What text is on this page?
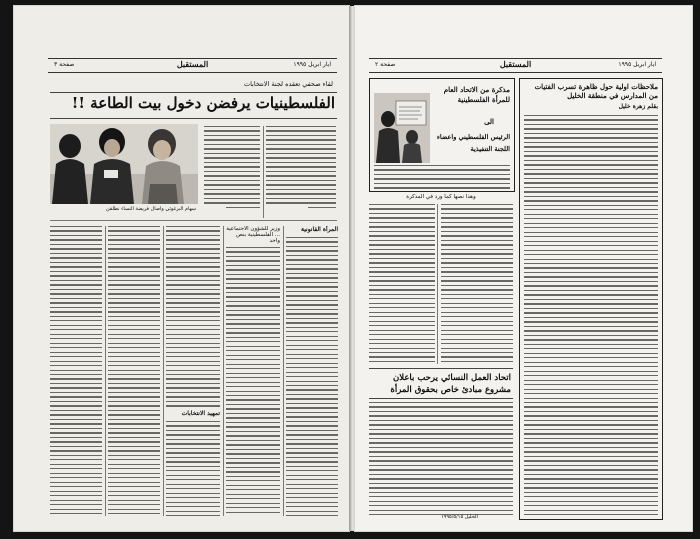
صفحة ٣	المستقبل	ايار ابريل ١٩٩٥
لقاء صحفي تعقده لجنة الانتخابات
الفلسطينيات يرفضن دخول بيت الطاعة !!
سهام البرغوثي واصال فريضة النساء نطلقن
تمهيد الانتخابات
وزير للشؤون الاجتماعية ... الفلسطينية بنص واحد
المرأة القانونية
صفحة ٢	المستقبل	ايار ابريل ١٩٩٥
ملاحظات اولية حول ظاهرة تسرب الفتيات من المدارس في منطقة الخليل
بقلم زهرة خليل
مذكرة من الاتحاد العام للمرأة الفلسطينية
الى
الرئيس الفلسطيني واعضاء اللجنة التنفيذية
وهذا نصها كما ورد في المذكرة
اتحاد العمل النسائي يرحب باعلان مشروع مبادئ خاص بحقوق المرأة
الخليل ١٩٩٥/٥/١٥
